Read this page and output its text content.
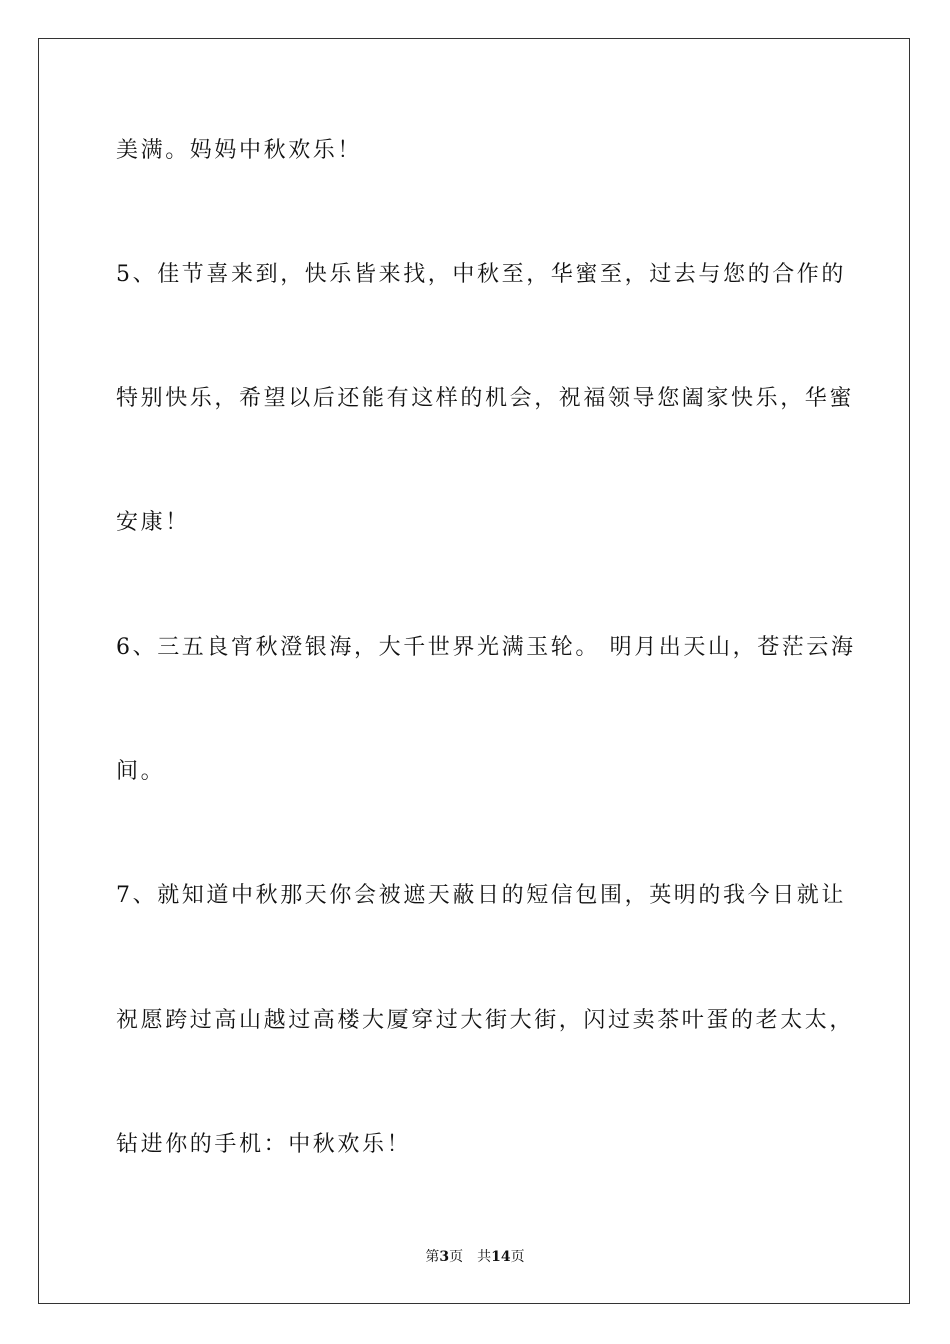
美满。妈妈中秋欢乐！
5、佳节喜来到，快乐皆来找，中秋至，华蜜至，过去与您的合作的
特别快乐，希望以后还能有这样的机会，祝福领导您阖家快乐，华蜜
安康！
6、三五良宵秋澄银海，大千世界光满玉轮。 明月出天山，苍茫云海
间。
7、就知道中秋那天你会被遮天蔽日的短信包围，英明的我今日就让
祝愿跨过高山越过高楼大厦穿过大街大街，闪过卖茶叶蛋的老太太，
钻进你的手机：中秋欢乐！
第3页 共14页
